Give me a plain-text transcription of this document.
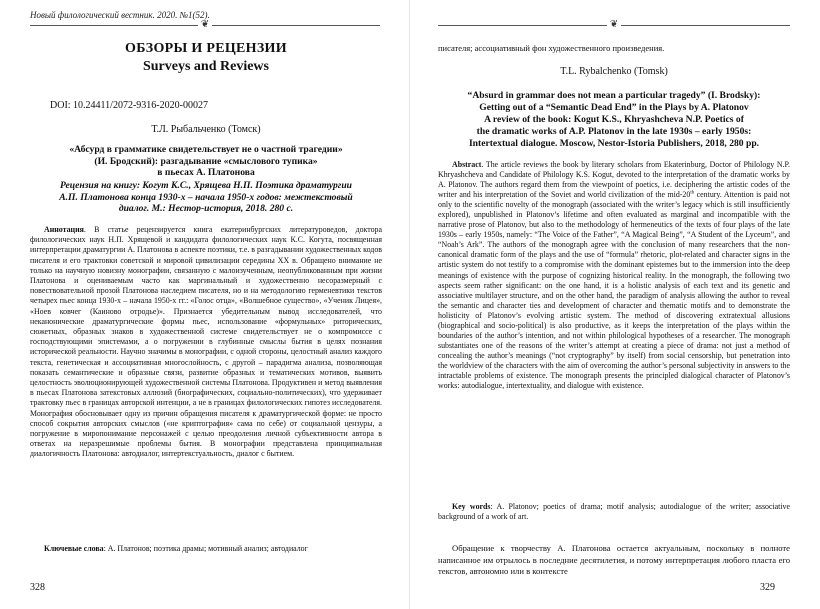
Новый филологический вестник. 2020. №1(52).
❦
ОБЗОРЫ И РЕЦЕНЗИИ
Surveys and Reviews
DOI: 10.24411/2072-9316-2020-00027
Т.Л. Рыбальченко (Томск)
«Абсурд в грамматике свидетельствует не о частной трагедии»
(И. Бродский): разгадывание «смыслового тупика»
в пьесах А. Платонова
Рецензия на книгу: Когут К.С., Хрящева Н.П. Поэтика драматургии
А.П. Платонова конца 1930-х – начала 1950-х годов: межтекстовый
диалог. М.: Нестор-история, 2018. 280 с.

Аннотация. В статье рецензируется книга екатеринбургских литературоведов, доктора филологических наук Н.П. Хрящевой и кандидата филологических наук К.С. Когута, посвященная интерпретации драматургии А. Платонова в аспекте поэтики, т.е. в разгадывании художественных кодов писателя и его трактовки советской и мировой цивилизации середины XX в. Обращено внимание не только на научную новизну монографии, связанную с малоизученным, неопубликованным при жизни Платонова и оцениваемым часто как маргинальный и художественно несоразмерный с повествовательной прозой Платонова наследием писателя, но и на методологию герменевтики текстов четырех пьес конца 1930-х – начала 1950-х гг.: «Голос отца», «Волшебное существо», «Ученик Лицея», «Ноев ковчег (Каиново отродье)». Признается убедительным вывод исследователей, что неканонические драматургические формы пьес, использование «формульных» риторических, сюжетных, образных знаков в художественной системе свидетельствует не о компромиссе с господствующими эпистемами, а о погружении в глубинные смыслы бытия в целях познания исторической реальности. Научно значимы в монографии, с одной стороны, целостный анализ каждого текста, генетическая и ассоциативная многослойность, с другой – парадигма анализа, позволяющая показать семантические и образные связи, развитие образных и тематических мотивов, выявить целостность эволюционирующей художественной системы Платонова. Продуктивен и метод выявления в пьесах Платонова затекстовых аллюзий (биографических, социально-политических), что удерживает трактовку пьес в границах авторской интенции, а не в границах филологических гипотез исследователя. Монография обосновывает одну из причин обращения писателя к драматургической форме: не просто способ сокрытия авторских смыслов («не криптография» сама по себе) от социальной цензуры, а погружение в миропонимание персонажей с целью преодоления личной субъективности автора в ответах на неразрешимые проблемы бытия. В монографии представлена принципиальная диалогичность Платонова: автодиалог, интертекстуальность, диалог с бытием.

Ключевые слова: А. Платонов; поэтика драмы; мотивный анализ; автодиалог

328
❦

писателя; ассоциативный фон художественного произведения.

T.L. Rybalchenko (Tomsk)
“Absurd in grammar does not mean a particular tragedy” (I. Brodsky):
Getting out of a “Semantic Dead End” in the Plays by A. Platonov
A review of the book: Kogut K.S., Khryashcheva N.P. Poetics of
the dramatic works of A.P. Platonov in the late 1930s – early 1950s:
Intertextual dialogue. Moscow, Nestor-Istoria Publishers, 2018, 280 pp.

Abstract. The article reviews the book by literary scholars from Ekaterinburg, Doctor of Philology N.P. Khryashcheva and Candidate of Philology K.S. Kogut, devoted to the interpretation of the dramatic works by A. Platonov. The authors regard them from the viewpoint of poetics, i.e. deciphering the artistic codes of the writer and his interpretation of the Soviet and world civilization of the mid-20th century. Attention is paid not only to the scientific novelty of the monograph (associated with the writer’s legacy which is still insufficiently explored), unpublished in Platonov’s lifetime and often evaluated as marginal and incompatible with the narrative prose of Platonov, but also to the methodology of hermeneutics of the texts of four plays of the late 1930s – early 1950s, namely: “The Voice of the Father”, “A Magical Being”, “A Student of the Lyceum”, and “Noah’s Ark”. The authors of the monograph agree with the conclusion of many researchers that the non-canonical dramatic form of the plays and the use of “formula” rhetoric, plot-related and character signs in the artistic system do not testify to a compromise with the dominant epistemes but to the immersion into the deep meanings of existence with the purpose of cognizing historical reality. In the monograph, the following two aspects seem rather significant: on the one hand, it is a holistic analysis of each text and its genetic and associative multilayer structure, and on the other hand, the paradigm of analysis allowing the author to reveal the semantic and character ties and development of character and thematic motifs and to demonstrate the holisticity of Platonov’s evolving artistic system. The method of discovering extratextual allusions (biographical and socio-political) is also productive, as it keeps the interpretation of the plays within the boundaries of the author’s intention, and not within philological hypotheses of a researcher. The monograph substantiates one of the reasons of the writer’s attempt at creating a piece of drama: not just a method of concealing the author’s meanings (“not cryptography” by itself) from social censorship, but penetration into the worldview of the characters with the aim of overcoming the author’s personal subjectivity in answers to the intractable problems of existence. The monograph presents the principled dialogical character of Platonov’s works: autodialogue, intertextuality, and dialogue with existence.

Key words: A. Platonov; poetics of drama; motif analysis; autodialogue of the writer; associative background of a work of art.

Обращение к творчеству А. Платонова остается актуальным, поскольку в полноте написанное им отрылось в последние десятилетия, и потому интерпретация любого пласта его текстов, автономно или в контексте

329
